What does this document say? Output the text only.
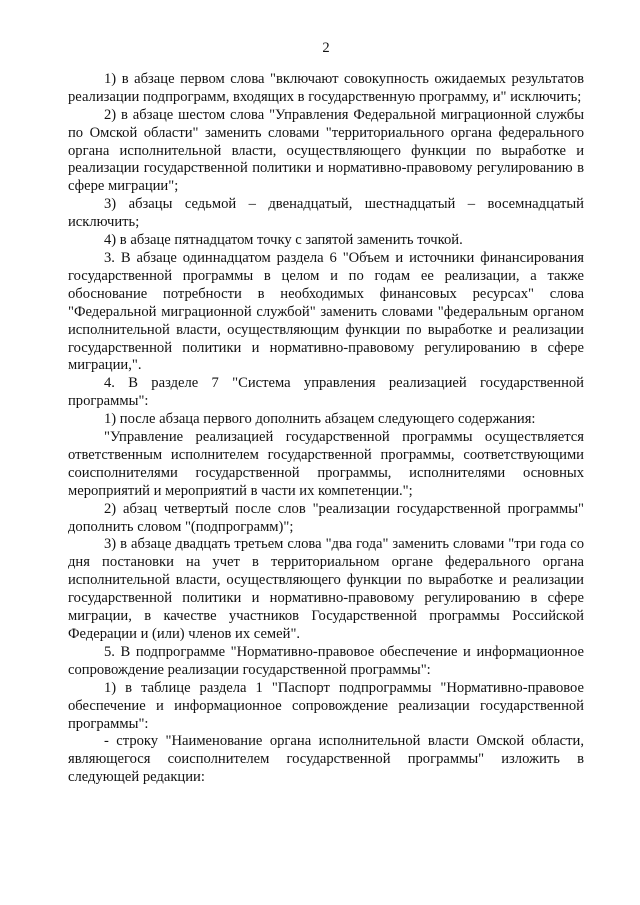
2

1) в абзаце первом слова "включают совокупность ожидаемых результатов реализации подпрограмм, входящих в государственную программу, и" исключить;

2) в абзаце шестом слова "Управления Федеральной миграционной службы по Омской области" заменить словами "территориального органа федерального органа исполнительной власти, осуществляющего функции по выработке и реализации государственной политики и нормативно-правовому регулированию в сфере миграции";

3) абзацы седьмой – двенадцатый, шестнадцатый – восемнадцатый исключить;

4) в абзаце пятнадцатом точку с запятой заменить точкой.

3. В абзаце одиннадцатом раздела 6 "Объем и источники финансирования государственной программы в целом и по годам ее реализации, а также обоснование потребности в необходимых финансовых ресурсах" слова "Федеральной миграционной службой" заменить словами "федеральным органом исполнительной власти, осуществляющим функции по выработке и реализации государственной политики и нормативно-правовому регулированию в сфере миграции,".

4. В разделе 7 "Система управления реализацией государственной программы":

1) после абзаца первого дополнить абзацем следующего содержания:

"Управление реализацией государственной программы осуществляется ответственным исполнителем государственной программы, соответствующими соисполнителями государственной программы, исполнителями основных мероприятий и мероприятий в части их компетенции.";

2) абзац четвертый после слов "реализации государственной программы" дополнить словом "(подпрограмм)";

3) в абзаце двадцать третьем слова "два года" заменить словами "три года со дня постановки на учет в территориальном органе федерального органа исполнительной власти, осуществляющего функции по выработке и реализации государственной политики и нормативно-правовому регулированию в сфере миграции, в качестве участников Государственной программы Российской Федерации и (или) членов их семей".

5. В подпрограмме "Нормативно-правовое обеспечение и информационное сопровождение реализации государственной программы":

1) в таблице раздела 1 "Паспорт подпрограммы "Нормативно-правовое обеспечение и информационное сопровождение реализации государственной программы":

- строку "Наименование органа исполнительной власти Омской области, являющегося соисполнителем государственной программы" изложить в следующей редакции:
